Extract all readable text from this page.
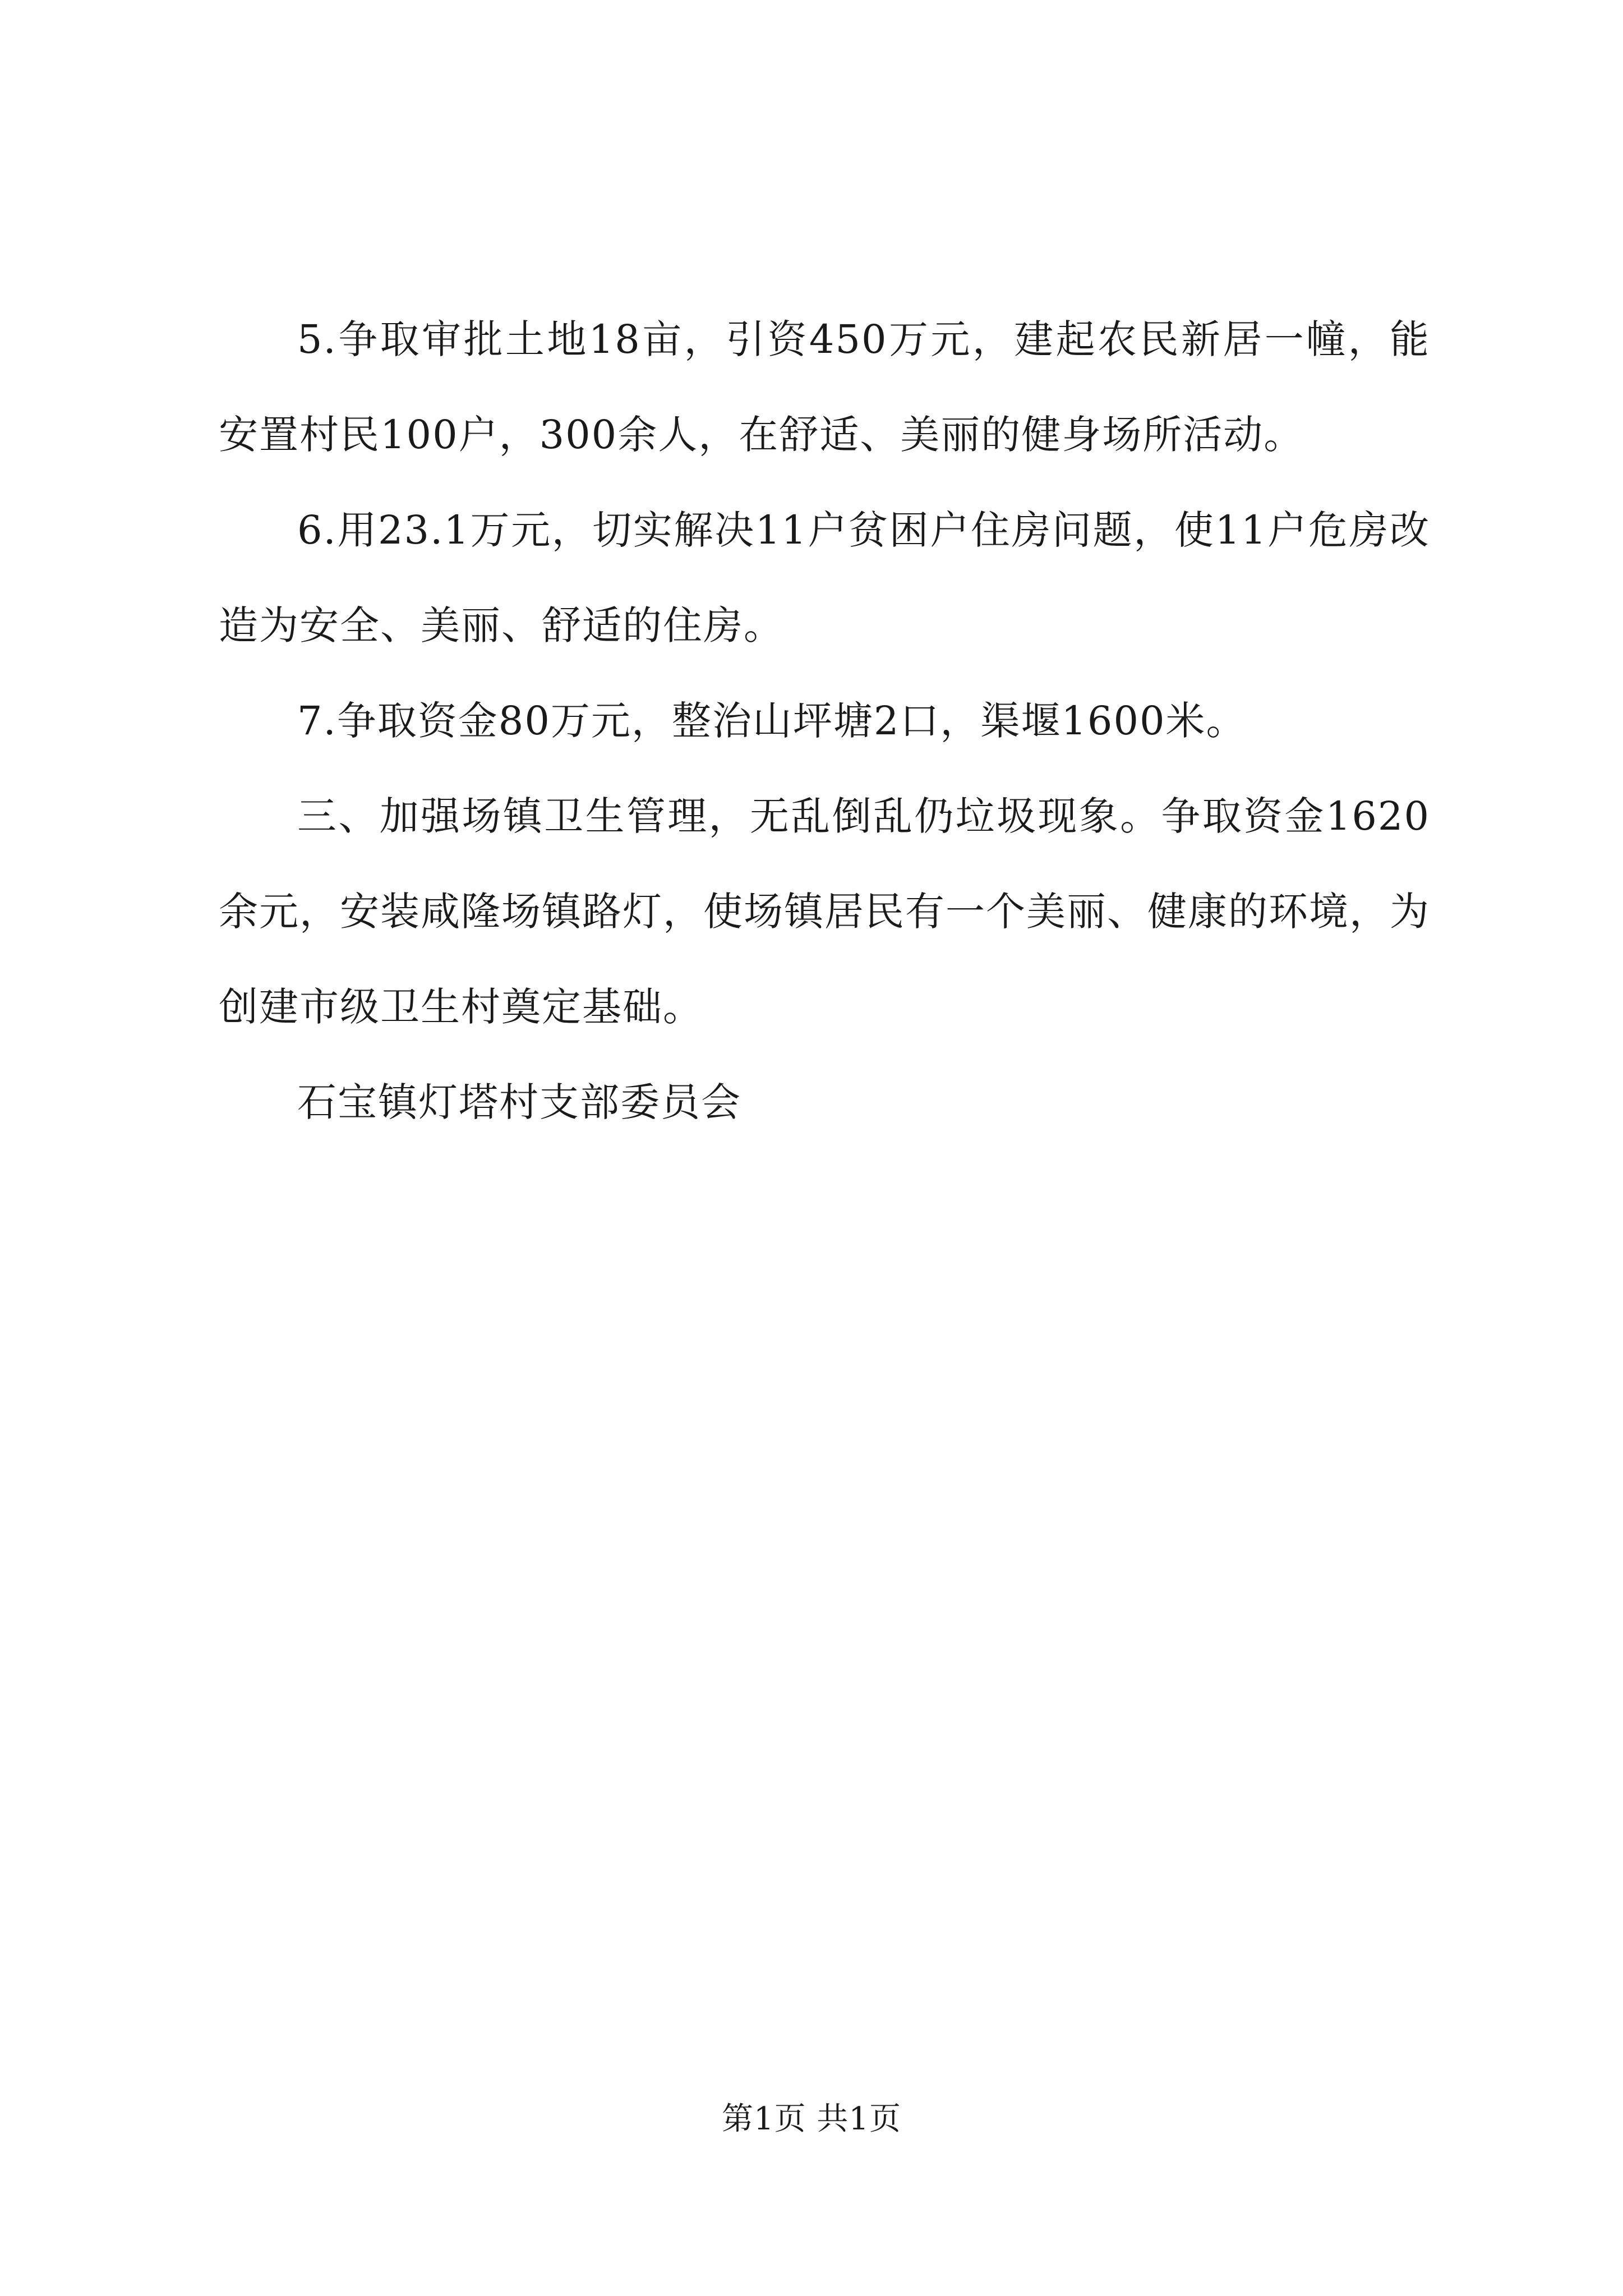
5.争取审批土地18亩，引资450万元，建起农民新居一幢，能安置村民100户，300余人，在舒适、美丽的健身场所活动。

6.用23.1万元，切实解决11户贫困户住房问题，使11户危房改造为安全、美丽、舒适的住房。

7.争取资金80万元，整治山坪塘2口，渠堰1600米。

三、加强场镇卫生管理，无乱倒乱仍垃圾现象。争取资金1620余元，安装咸隆场镇路灯，使场镇居民有一个美丽、健康的环境，为创建市级卫生村奠定基础。

石宝镇灯塔村支部委员会

第1页 共1页
